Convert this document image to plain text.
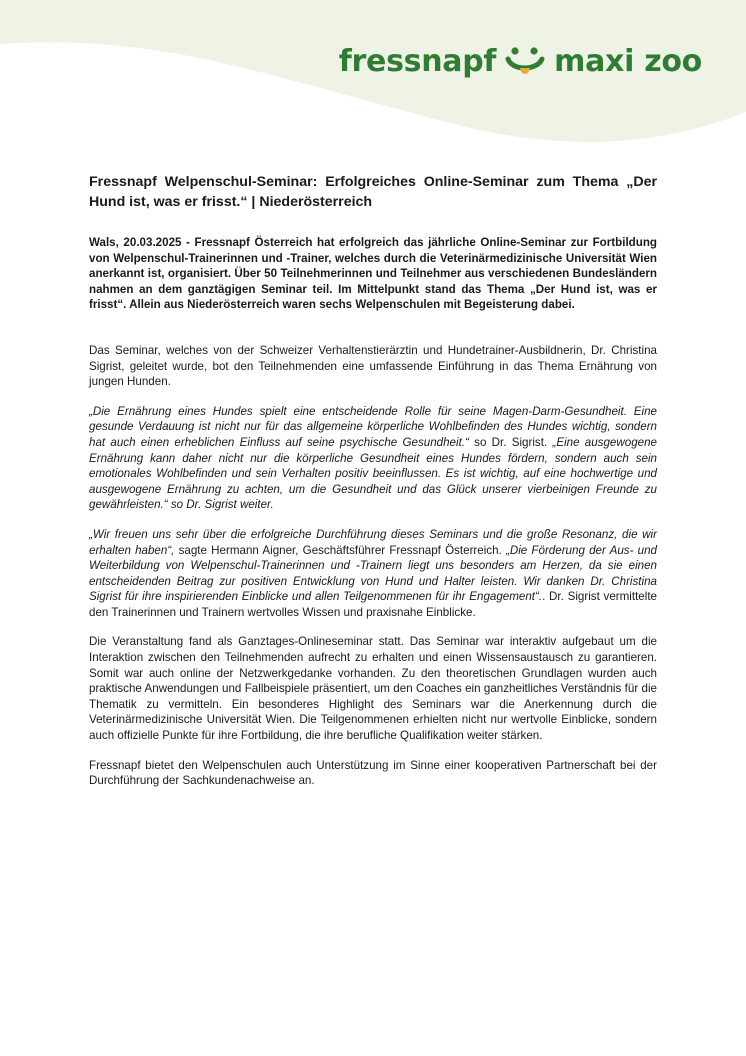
fressnapf maxi zoo
Fressnapf Welpenschul-Seminar: Erfolgreiches Online-Seminar zum Thema „Der Hund ist, was er frisst.“ | Niederösterreich

Wals, 20.03.2025 - Fressnapf Österreich hat erfolgreich das jährliche Online-Seminar zur Fortbildung von Welpenschul-Trainerinnen und -Trainer, welches durch die Veterinärmedizinische Universität Wien anerkannt ist, organisiert. Über 50 Teilnehmerinnen und Teilnehmer aus verschiedenen Bundesländern nahmen an dem ganztägigen Seminar teil. Im Mittelpunkt stand das Thema „Der Hund ist, was er frisst“. Allein aus Niederösterreich waren sechs Welpenschulen mit Begeisterung dabei.

Das Seminar, welches von der Schweizer Verhaltenstierärztin und Hundetrainer-Ausbildnerin, Dr. Christina Sigrist, geleitet wurde, bot den Teilnehmenden eine umfassende Einführung in das Thema Ernährung von jungen Hunden.

„Die Ernährung eines Hundes spielt eine entscheidende Rolle für seine Magen-Darm-Gesundheit. Eine gesunde Verdauung ist nicht nur für das allgemeine körperliche Wohlbefinden des Hundes wichtig, sondern hat auch einen erheblichen Einfluss auf seine psychische Gesundheit.“ so Dr. Sigrist. „Eine ausgewogene Ernährung kann daher nicht nur die körperliche Gesundheit eines Hundes fördern, sondern auch sein emotionales Wohlbefinden und sein Verhalten positiv beeinflussen. Es ist wichtig, auf eine hochwertige und ausgewogene Ernährung zu achten, um die Gesundheit und das Glück unserer vierbeinigen Freunde zu gewährleisten.“ so Dr. Sigrist weiter.

„Wir freuen uns sehr über die erfolgreiche Durchführung dieses Seminars und die große Resonanz, die wir erhalten haben“, sagte Hermann Aigner, Geschäftsführer Fressnapf Österreich. „Die Förderung der Aus- und Weiterbildung von Welpenschul-Trainerinnen und -Trainern liegt uns besonders am Herzen, da sie einen entscheidenden Beitrag zur positiven Entwicklung von Hund und Halter leisten. Wir danken Dr. Christina Sigrist für ihre inspirierenden Einblicke und allen Teilgenommenen für ihr Engagement“.. Dr. Sigrist vermittelte den Trainerinnen und Trainern wertvolles Wissen und praxisnahe Einblicke.

Die Veranstaltung fand als Ganztages-Onlineseminar statt. Das Seminar war interaktiv aufgebaut um die Interaktion zwischen den Teilnehmenden aufrecht zu erhalten und einen Wissensaustausch zu garantieren. Somit war auch online der Netzwerkgedanke vorhanden. Zu den theoretischen Grundlagen wurden auch praktische Anwendungen und Fallbeispiele präsentiert, um den Coaches ein ganzheitliches Verständnis für die Thematik zu vermitteln. Ein besonderes Highlight des Seminars war die Anerkennung durch die Veterinärmedizinische Universität Wien. Die Teilgenommenen erhielten nicht nur wertvolle Einblicke, sondern auch offizielle Punkte für ihre Fortbildung, die ihre berufliche Qualifikation weiter stärken.

Fressnapf bietet den Welpenschulen auch Unterstützung im Sinne einer kooperativen Partnerschaft bei der Durchführung der Sachkundenachweise an.
